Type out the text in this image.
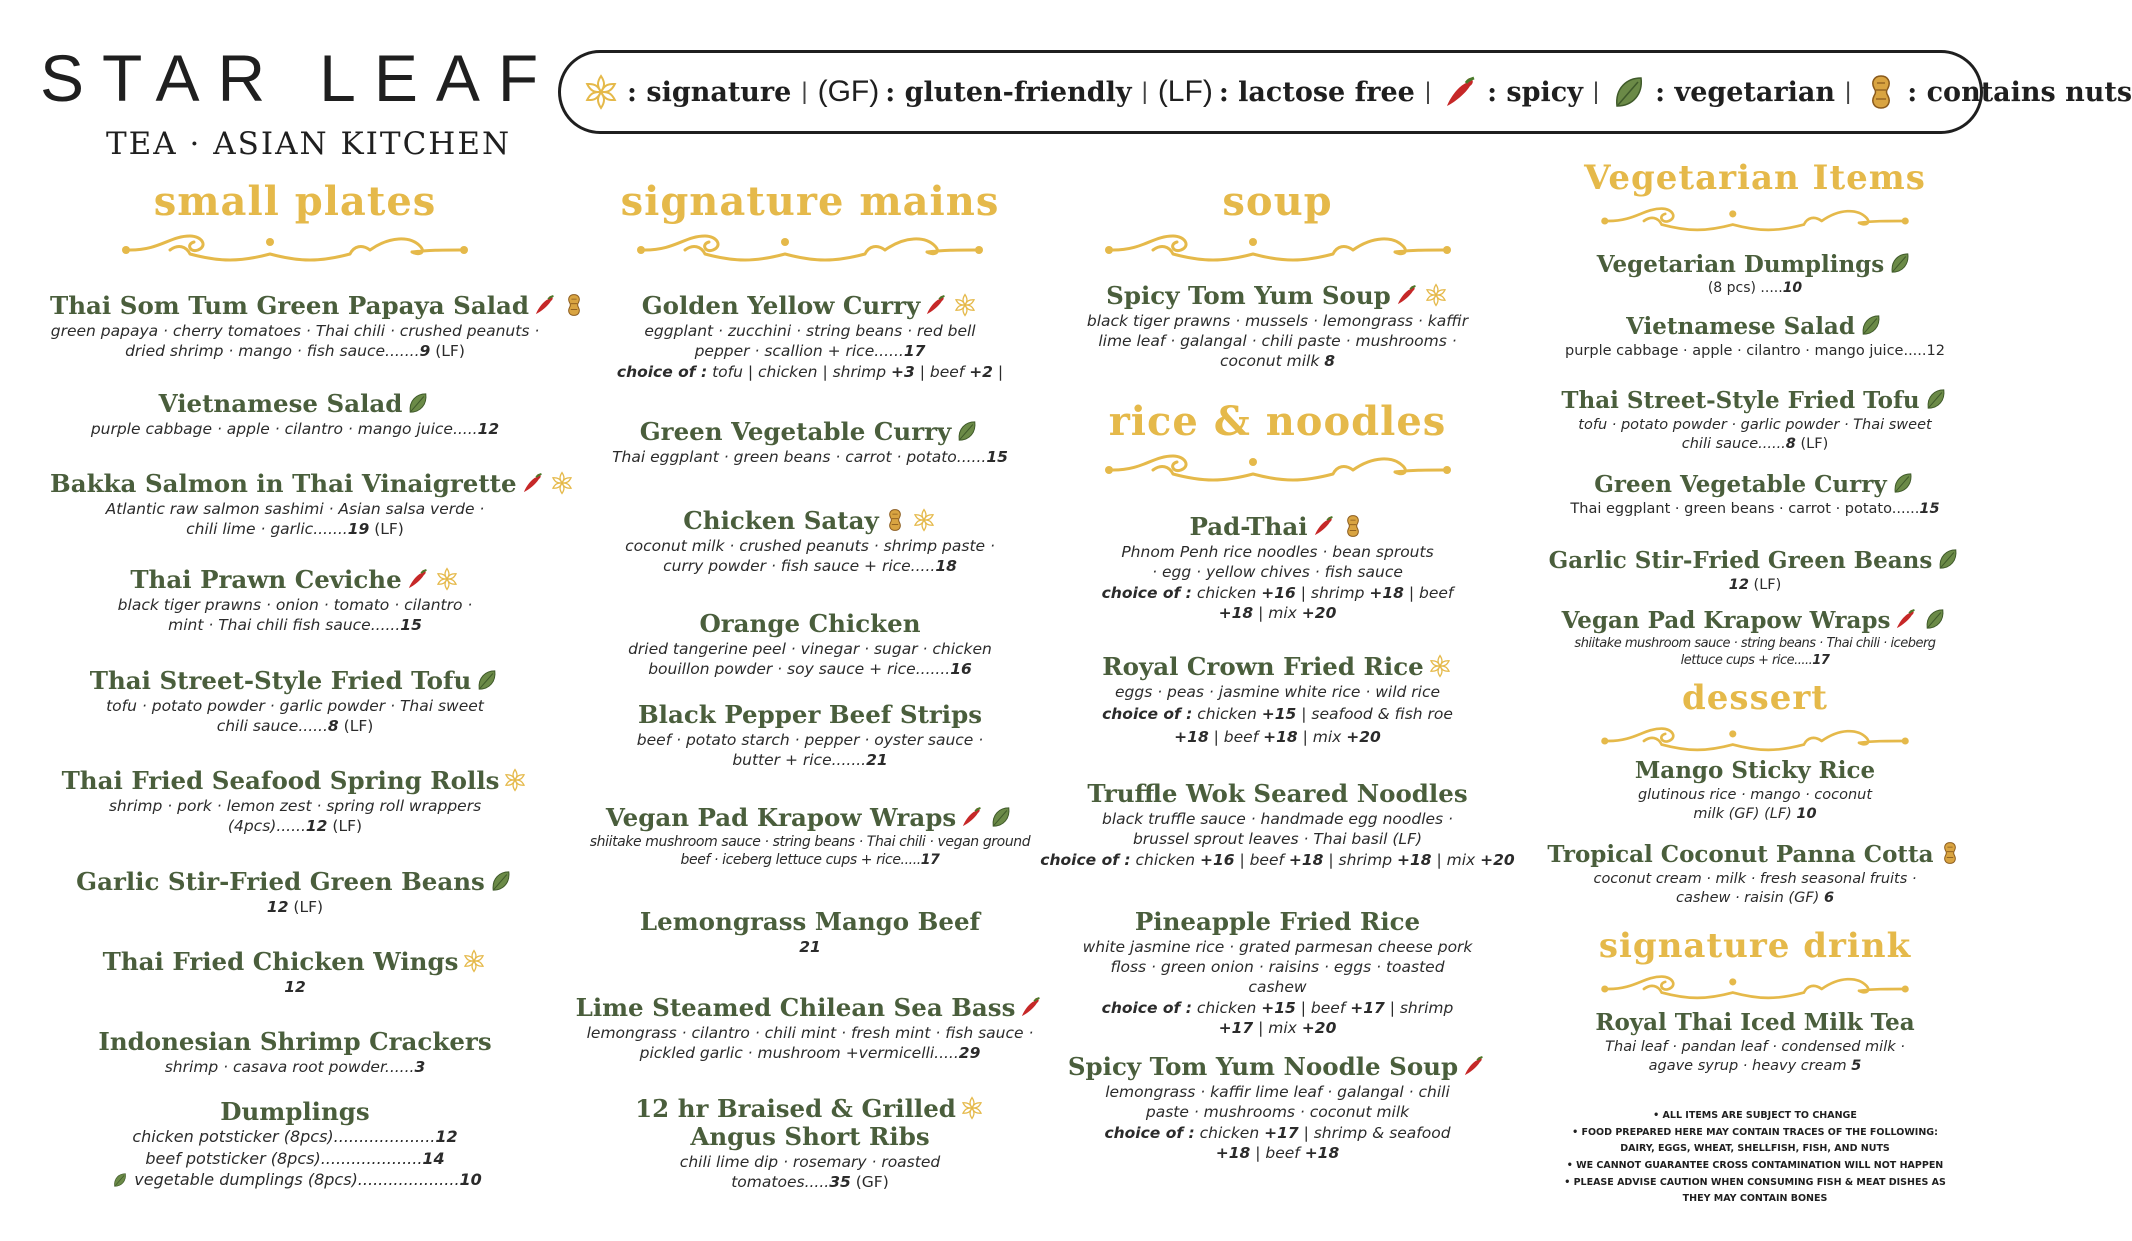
STAR LEAF
TEA · ASIAN KITCHEN
: signature | (GF) : gluten-friendly | (LF) : lactose free | : spicy | : vegetarian | : contains nuts
small plates
Thai Som Tum Green Papaya Salad
green papaya · cherry tomatoes · Thai chili · crushed peanuts · dried shrimp · mango · fish sauce.......9 (LF)
Vietnamese Salad
purple cabbage · apple · cilantro · mango juice.....12
Bakka Salmon in Thai Vinaigrette
Atlantic raw salmon sashimi · Asian salsa verde · chili lime · garlic.......19 (LF)
Thai Prawn Ceviche
black tiger prawns · onion · tomato · cilantro · mint · Thai chili fish sauce......15
Thai Street-Style Fried Tofu
tofu · potato powder · garlic powder · Thai sweet chili sauce......8 (LF)
Thai Fried Seafood Spring Rolls
shrimp · pork · lemon zest · spring roll wrappers (4pcs)......12 (LF)
Garlic Stir-Fried Green Beans
12 (LF)
Thai Fried Chicken Wings
12
Indonesian Shrimp Crackers
shrimp · casava root powder......3
Dumplings
chicken potsticker (8pcs)....................12
beef potsticker (8pcs)....................14
vegetable dumplings (8pcs)....................10
signature mains
Golden Yellow Curry
eggplant · zucchini · string beans · red bell pepper · scallion + rice......17
choice of : tofu | chicken | shrimp +3 | beef +2 |
Green Vegetable Curry
Thai eggplant · green beans · carrot · potato......15
Chicken Satay
coconut milk · crushed peanuts · shrimp paste · curry powder · fish sauce + rice.....18
Orange Chicken
dried tangerine peel · vinegar · sugar · chicken bouillon powder · soy sauce + rice.......16
Black Pepper Beef Strips
beef · potato starch · pepper · oyster sauce · butter + rice.......21
Vegan Pad Krapow Wraps
shiitake mushroom sauce · string beans · Thai chili · vegan ground beef · iceberg lettuce cups + rice.....17
Lemongrass Mango Beef
21
Lime Steamed Chilean Sea Bass
lemongrass · cilantro · chili mint · fresh mint · fish sauce · pickled garlic · mushroom +vermicelli.....29
12 hr Braised & Grilled
Angus Short Ribs
chili lime dip · rosemary · roasted tomatoes.....35 (GF)
soup
Spicy Tom Yum Soup
black tiger prawns · mussels · lemongrass · kaffir lime leaf · galangal · chili paste · mushrooms · coconut milk 8
rice & noodles
Pad-Thai
Phnom Penh rice noodles · bean sprouts · egg · yellow chives · fish sauce
choice of : chicken +16 | shrimp +18 | beef +18 | mix +20
Royal Crown Fried Rice
eggs · peas · jasmine white rice · wild rice
choice of : chicken +15 | seafood & fish roe +18 | beef +18 | mix +20
Truffle Wok Seared Noodles
black truffle sauce · handmade egg noodles · brussel sprout leaves · Thai basil (LF)
choice of : chicken +16 | beef +18 | shrimp +18 | mix +20
Pineapple Fried Rice
white jasmine rice · grated parmesan cheese pork floss · green onion · raisins · eggs · toasted cashew
choice of : chicken +15 | beef +17 | shrimp +17 | mix +20
Spicy Tom Yum Noodle Soup
lemongrass · kaffir lime leaf · galangal · chili paste · mushrooms · coconut milk
choice of : chicken +17 | shrimp & seafood +18 | beef +18
Vegetarian Items
Vegetarian Dumplings
(8 pcs) .....10
Vietnamese Salad
purple cabbage · apple · cilantro · mango juice.....12
Thai Street-Style Fried Tofu
tofu · potato powder · garlic powder · Thai sweet chili sauce......8 (LF)
Green Vegetable Curry
Thai eggplant · green beans · carrot · potato......15
Garlic Stir-Fried Green Beans
12 (LF)
Vegan Pad Krapow Wraps
shiitake mushroom sauce · string beans · Thai chili · iceberg lettuce cups + rice.....17
dessert
Mango Sticky Rice
glutinous rice · mango · coconut milk (GF) (LF) 10
Tropical Coconut Panna Cotta
coconut cream · milk · fresh seasonal fruits · cashew · raisin (GF) 6
signature drink
Royal Thai Iced Milk Tea
Thai leaf · pandan leaf · condensed milk · agave syrup · heavy cream 5
• ALL ITEMS ARE SUBJECT TO CHANGE
• FOOD PREPARED HERE MAY CONTAIN TRACES OF THE FOLLOWING:
DAIRY, EGGS, WHEAT, SHELLFISH, FISH, AND NUTS
• WE CANNOT GUARANTEE CROSS CONTAMINATION WILL NOT HAPPEN
• PLEASE ADVISE CAUTION WHEN CONSUMING FISH & MEAT DISHES AS
THEY MAY CONTAIN BONES
